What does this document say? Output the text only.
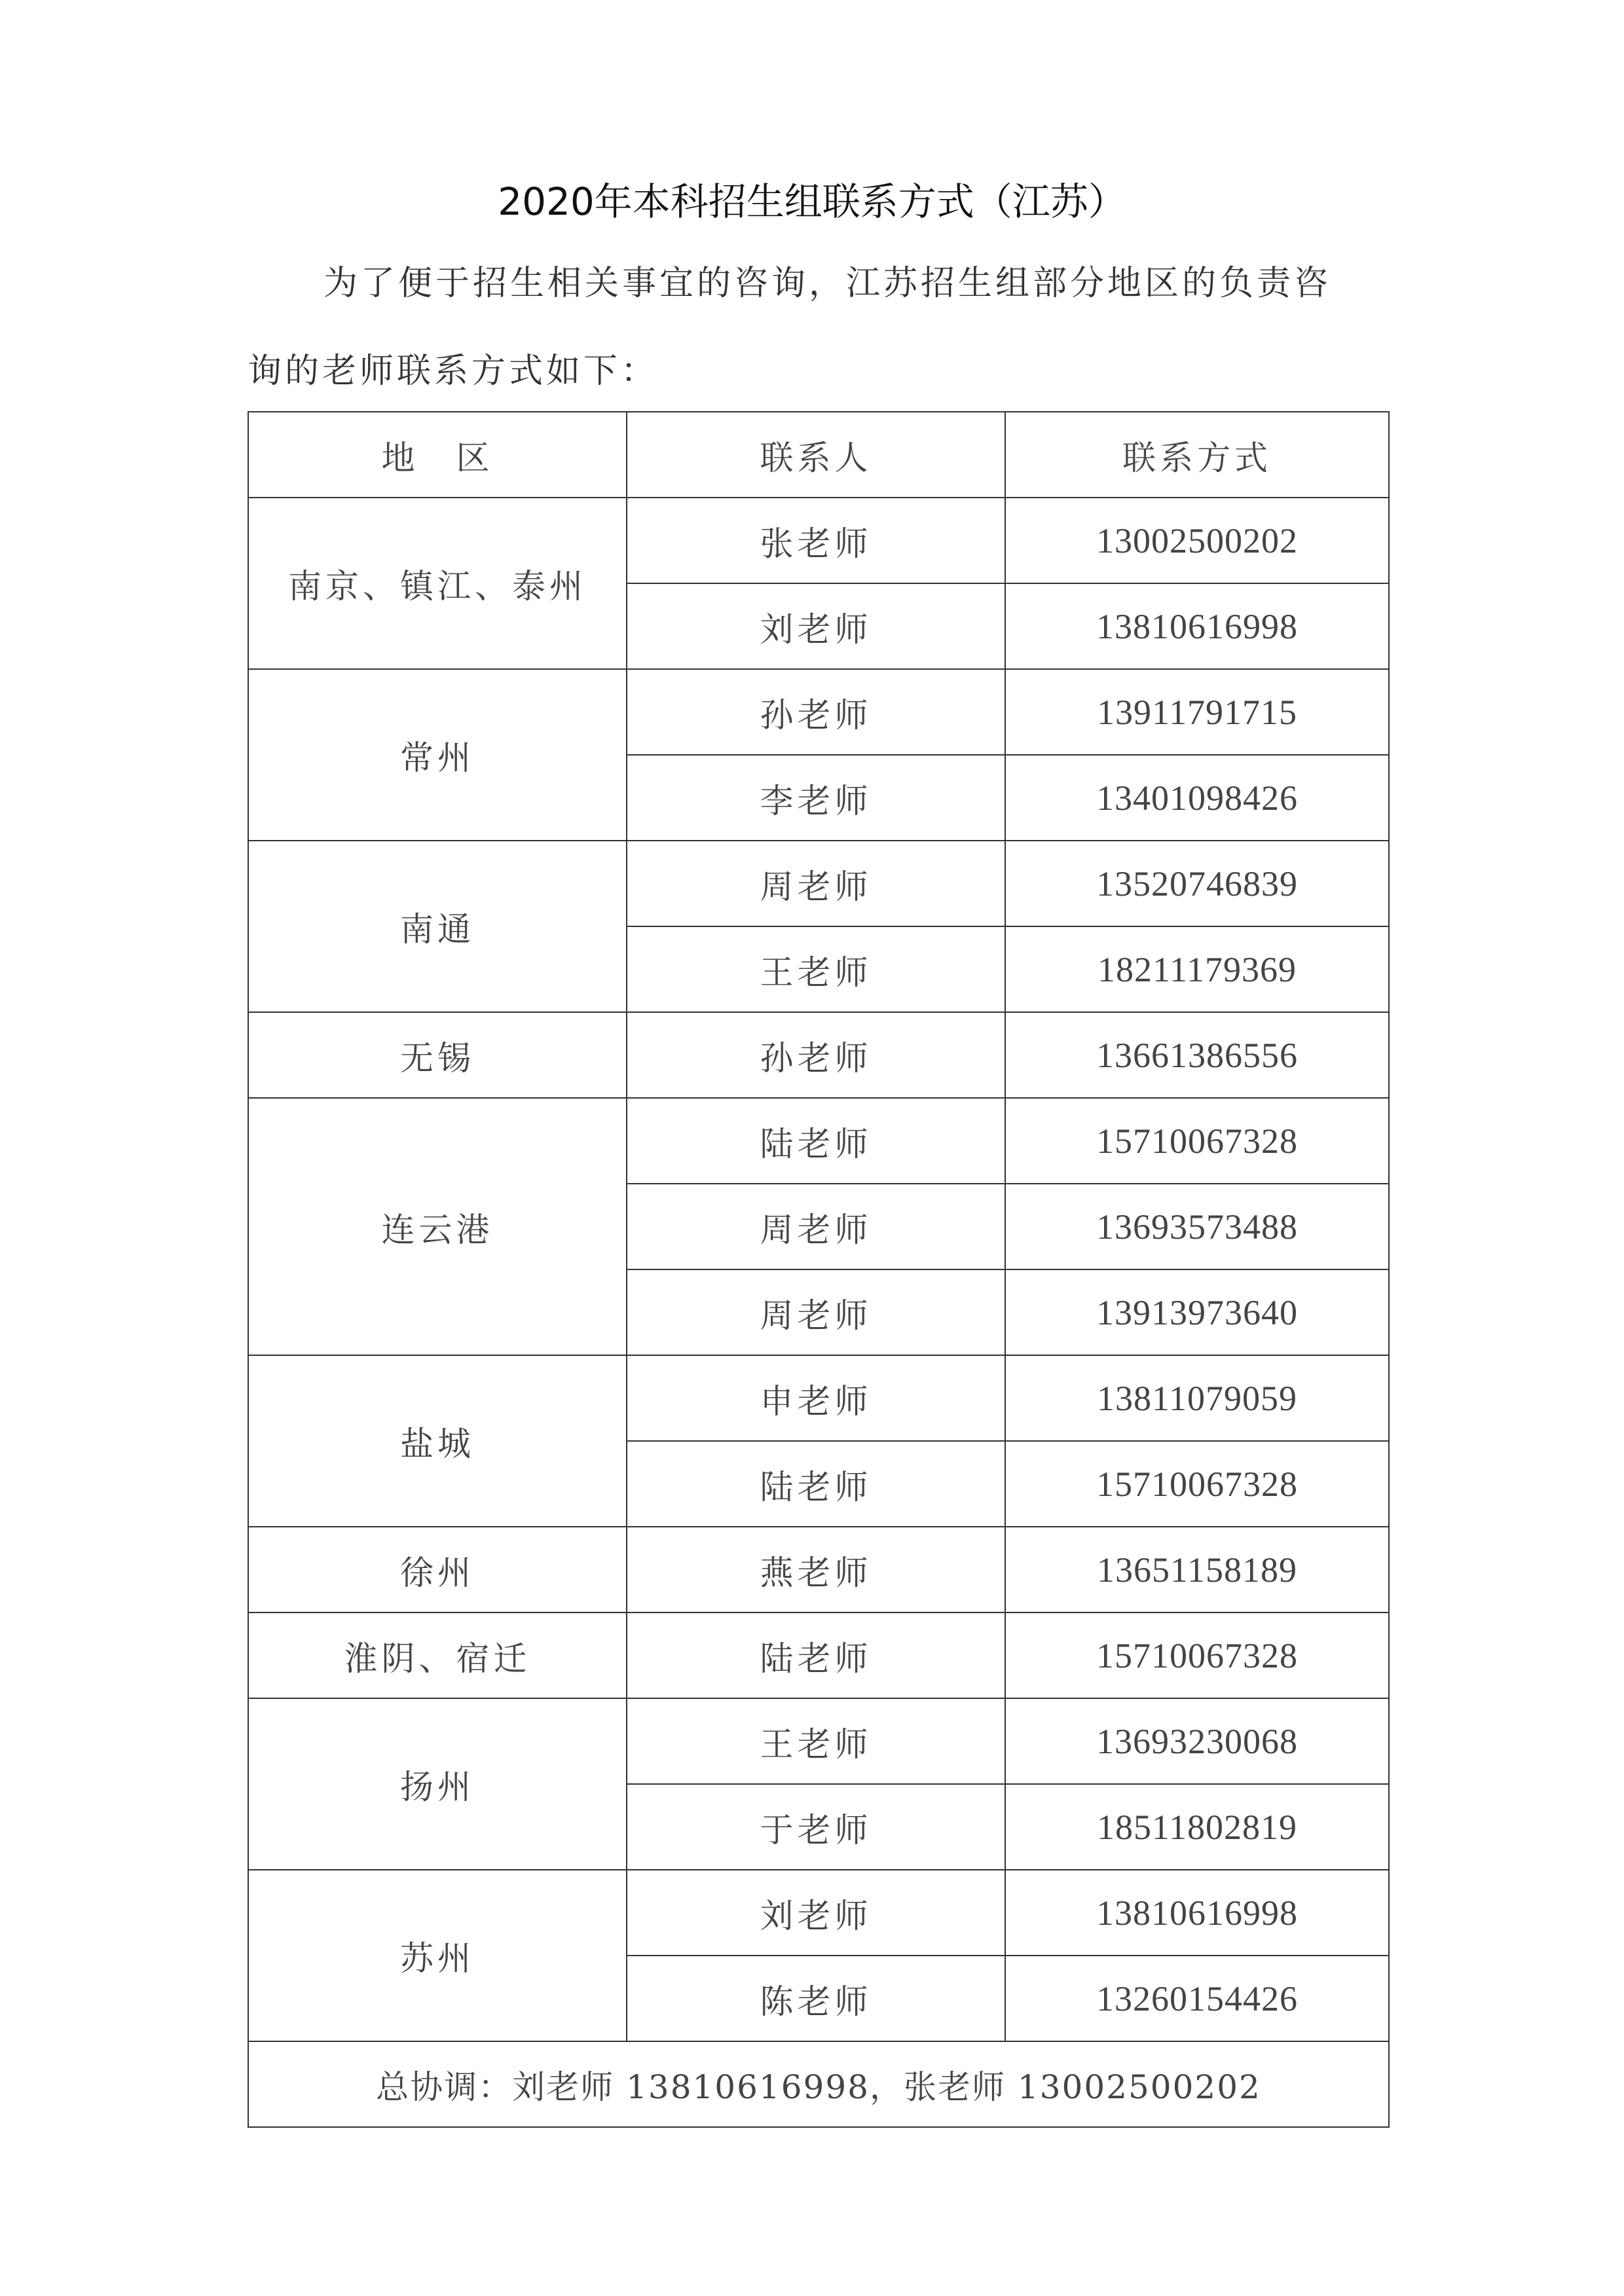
2020年本科招生组联系方式（江苏）
为了便于招生相关事宜的咨询，江苏招生组部分地区的负责咨
询的老师联系方式如下：
地　区	联系人	联系方式
南京、镇江、泰州	张老师	13002500202
	刘老师	13810616998
常州	孙老师	13911791715
	李老师	13401098426
南通	周老师	13520746839
	王老师	18211179369
无锡	孙老师	13661386556
连云港	陆老师	15710067328
	周老师	13693573488
	周老师	13913973640
盐城	申老师	13811079059
	陆老师	15710067328
徐州	燕老师	13651158189
淮阴、宿迁	陆老师	15710067328
扬州	王老师	13693230068
	于老师	18511802819
苏州	刘老师	13810616998
	陈老师	13260154426
总协调：刘老师 13810616998，张老师 13002500202		
